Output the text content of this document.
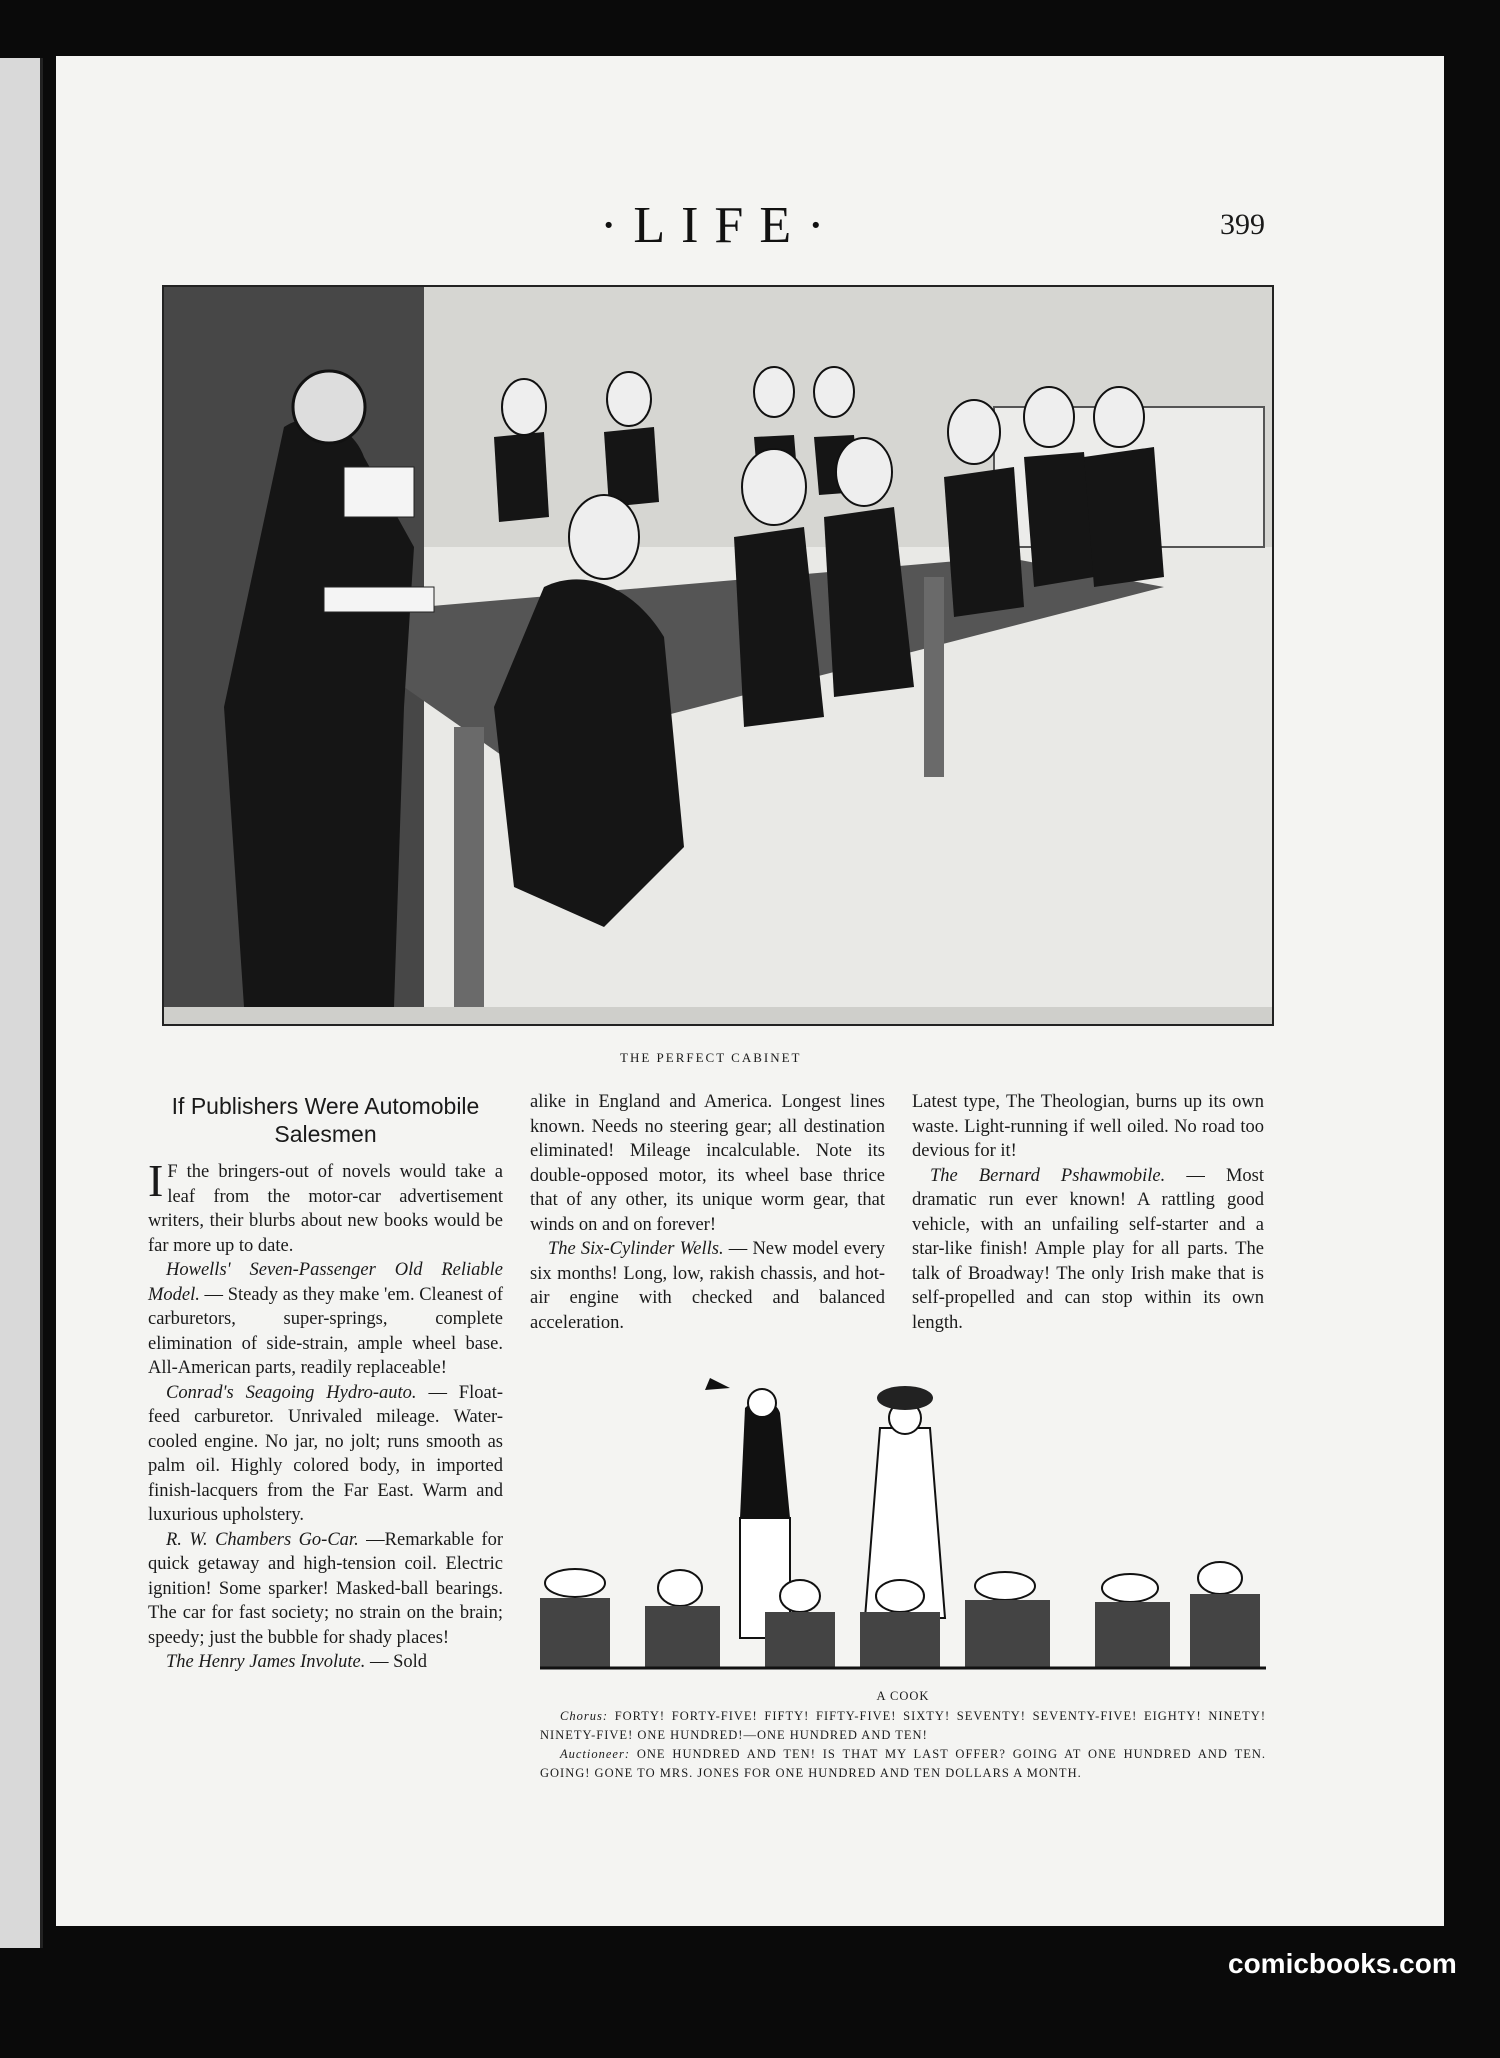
·LIFE·	399
THE PERFECT CABINET
If Publishers Were Automobile
Salesmen

I F the bringers-out of novels would take a leaf from the motor-car advertisement writers, their blurbs about new books would be far more up to date.

Howells' Seven-Passenger Old Reliable Model. — Steady as they make 'em. Cleanest of carburetors, super-springs, complete elimination of side-strain, ample wheel base. All-American parts, readily replaceable!

Conrad's Seagoing Hydro-auto. — Float-feed carburetor. Unrivaled mileage. Water-cooled engine. No jar, no jolt; runs smooth as palm oil. Highly colored body, in imported finish-lacquers from the Far East. Warm and luxurious upholstery.

R. W. Chambers Go-Car. —Remarkable for quick getaway and high-tension coil. Electric ignition! Some sparker! Masked-ball bearings. The car for fast society; no strain on the brain; speedy; just the bubble for shady places!

The Henry James Involute. — Sold

alike in England and America. Longest lines known. Needs no steering gear; all destination eliminated! Mileage incalculable. Note its double-opposed motor, its wheel base thrice that of any other, its unique worm gear, that winds on and on forever!

The Six-Cylinder Wells. — New model every six months! Long, low, rakish chassis, and hot-air engine with checked and balanced acceleration.

Latest type, The Theologian, burns up its own waste. Light-running if well oiled. No road too devious for it!

The Bernard Pshawmobile. — Most dramatic run ever known! A rattling good vehicle, with an unfailing self-starter and a star-like finish! Ample play for all parts. The talk of Broadway! The only Irish make that is self-propelled and can stop within its own length.

A COOK

Chorus: FORTY! FORTY-FIVE! FIFTY! FIFTY-FIVE! SIXTY! SEVENTY! SEVENTY-FIVE! EIGHTY! NINETY! NINETY-FIVE! ONE HUNDRED!—ONE HUNDRED AND TEN!

Auctioneer: ONE HUNDRED AND TEN! IS THAT MY LAST OFFER? GOING AT ONE HUNDRED AND TEN. GOING! GONE TO MRS. JONES FOR ONE HUNDRED AND TEN DOLLARS A MONTH.

comicbooks.com
